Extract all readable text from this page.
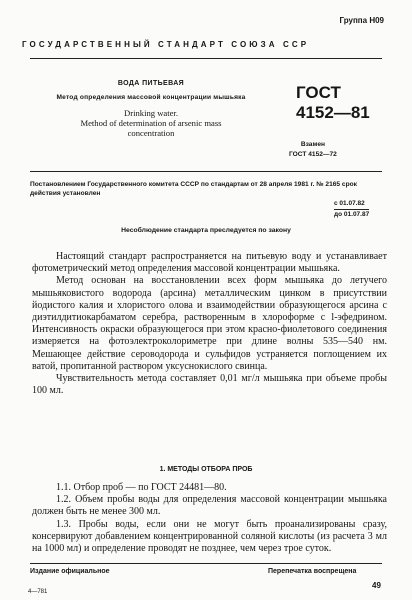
Группа Н09
ГОСУДАРСТВЕННЫЙ СТАНДАРТ СОЮЗА ССР
ВОДА ПИТЬЕВАЯ
Метод определения массовой концентрации мышьяка
Drinking water.
Method of determination of arsenic mass
concentration
ГОСТ
4152—81
Взамен
ГОСТ 4152—72
Постановлением Государственного комитета СССР по стандартам от 28 апреля 1981 г. № 2165 срок действия установлен
с 01.07.82
до 01.07.87
Несоблюдение стандарта преследуется по закону

Настоящий стандарт распространяется на питьевую воду и устанавливает фотометрический метод определения массовой концентрации мышьяка.

Метод основан на восстановлении всех форм мышьяка до летучего мышьяковистого водорода (арсина) металлическим цинком в присутствии йодистого калия и хлористого олова и взаимодействии образующегося арсина с диэтилдитиокарбаматом серебра, растворенным в хлороформе с l-эфедрином. Интенсивность окраски образующегося при этом красно-фиолетового соединения измеряется на фотоэлектроколориметре при длине волны 535—540 нм. Мешающее действие сероводорода и сульфидов устраняется поглощением их ватой, пропитанной раствором уксуснокислого свинца.

Чувствительность метода составляет 0,01 мг/л мышьяка при объеме пробы 100 мл.

1. МЕТОДЫ ОТБОРА ПРОБ

1.1. Отбор проб — по ГОСТ 24481—80.

1.2. Объем пробы воды для определения массовой концентрации мышьяка должен быть не менее 300 мл.

1.3. Пробы воды, если они не могут быть проанализированы сразу, консервируют добавлением концентрированной соляной кислоты (из расчета 3 мл на 1000 мл) и определение проводят не позднее, чем через трое суток.

Издание официальное	Перепечатка воспрещена
49
4—781
